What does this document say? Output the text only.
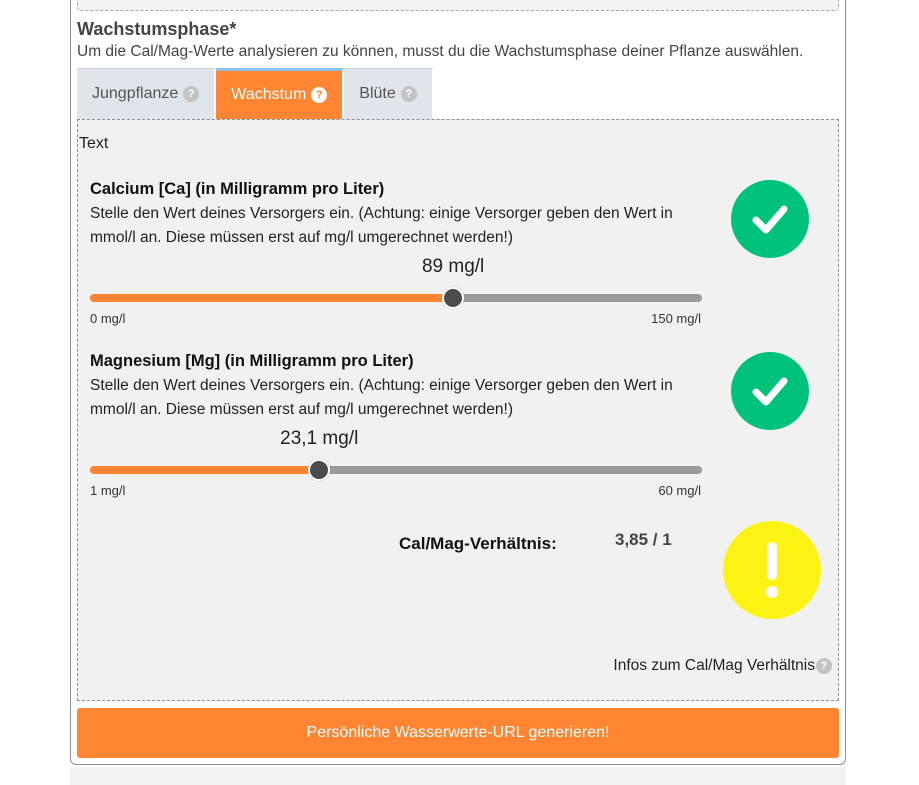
Wachstumsphase*
Um die Cal/Mag-Werte analysieren zu können, musst du die Wachstumsphase deiner Pflanze auswählen.
Jungpflanze ? Wachstum ? Blüte ?
Text
Calcium [Ca] (in Milligramm pro Liter)
Stelle den Wert deines Versorgers ein. (Achtung: einige Versorger geben den Wert in mmol/l an. Diese müssen erst auf mg/l umgerechnet werden!)
89 mg/l
0 mg/l	150 mg/l
Magnesium [Mg] (in Milligramm pro Liter)
Stelle den Wert deines Versorgers ein. (Achtung: einige Versorger geben den Wert in mmol/l an. Diese müssen erst auf mg/l umgerechnet werden!)
23,1 mg/l
1 mg/l	60 mg/l
Cal/Mag-Verhältnis:	3,85 / 1
Infos zum Cal/Mag Verhältnis ?
Persönliche Wasserwerte-URL generieren!
